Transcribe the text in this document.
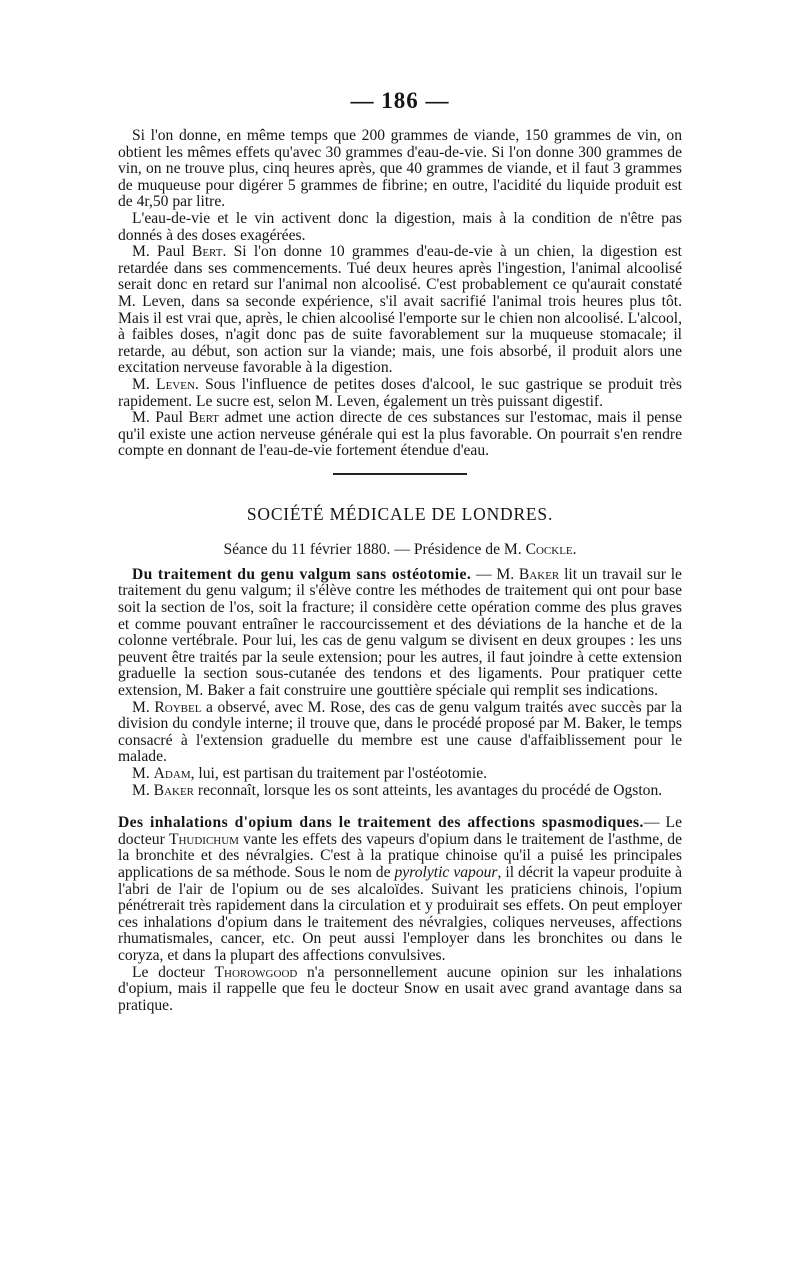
— 186 —

Si l'on donne, en même temps que 200 grammes de viande, 150 grammes de vin, on obtient les mêmes effets qu'avec 30 grammes d'eau-de-vie. Si l'on donne 300 grammes de vin, on ne trouve plus, cinq heures après, que 40 grammes de viande, et il faut 3 grammes de muqueuse pour digérer 5 grammes de fibrine; en outre, l'acidité du liquide produit est de 4r,50 par litre.

L'eau-de-vie et le vin activent donc la digestion, mais à la condition de n'être pas donnés à des doses exagérées.

M. Paul Bert. Si l'on donne 10 grammes d'eau-de-vie à un chien, la digestion est retardée dans ses commencements. Tué deux heures après l'ingestion, l'animal alcoolisé serait donc en retard sur l'animal non alcoolisé. C'est probablement ce qu'aurait constaté M. Leven, dans sa seconde expérience, s'il avait sacrifié l'animal trois heures plus tôt. Mais il est vrai que, après, le chien alcoolisé l'emporte sur le chien non alcoolisé. L'alcool, à faibles doses, n'agit donc pas de suite favorablement sur la muqueuse stomacale; il retarde, au début, son action sur la viande; mais, une fois absorbé, il produit alors une excitation nerveuse favorable à la digestion.

M. Leven. Sous l'influence de petites doses d'alcool, le suc gastrique se produit très rapidement. Le sucre est, selon M. Leven, également un très puissant digestif.

M. Paul Bert admet une action directe de ces substances sur l'estomac, mais il pense qu'il existe une action nerveuse générale qui est la plus favorable. On pourrait s'en rendre compte en donnant de l'eau-de-vie fortement étendue d'eau.

SOCIÉTÉ MÉDICALE DE LONDRES.
Séance du 11 février 1880. — Présidence de M. Cockle.

Du traitement du genu valgum sans ostéotomie. — M. Baker lit un travail sur le traitement du genu valgum; il s'élève contre les méthodes de traitement qui ont pour base soit la section de l'os, soit la fracture; il considère cette opération comme des plus graves et comme pouvant entraîner le raccourcissement et des déviations de la hanche et de la colonne vertébrale. Pour lui, les cas de genu valgum se divisent en deux groupes : les uns peuvent être traités par la seule extension; pour les autres, il faut joindre à cette extension graduelle la section sous-cutanée des tendons et des ligaments. Pour pratiquer cette extension, M. Baker a fait construire une gouttière spéciale qui remplit ses indications.

M. Roybel a observé, avec M. Rose, des cas de genu valgum traités avec succès par la division du condyle interne; il trouve que, dans le procédé proposé par M. Baker, le temps consacré à l'extension graduelle du membre est une cause d'affaiblissement pour le malade.

M. Adam, lui, est partisan du traitement par l'ostéotomie.

M. Baker reconnaît, lorsque les os sont atteints, les avantages du procédé de Ogston.

Des inhalations d'opium dans le traitement des affections spasmodiques.— Le docteur Thudichum vante les effets des vapeurs d'opium dans le traitement de l'asthme, de la bronchite et des névralgies. C'est à la pratique chinoise qu'il a puisé les principales applications de sa méthode. Sous le nom de pyrolytic vapour, il décrit la vapeur produite à l'abri de l'air de l'opium ou de ses alcaloïdes. Suivant les praticiens chinois, l'opium pénétrerait très rapidement dans la circulation et y produirait ses effets. On peut employer ces inhalations d'opium dans le traitement des névralgies, coliques nerveuses, affections rhumatismales, cancer, etc. On peut aussi l'employer dans les bronchites ou dans le coryza, et dans la plupart des affections convulsives.

Le docteur Thorowgood n'a personnellement aucune opinion sur les inhalations d'opium, mais il rappelle que feu le docteur Snow en usait avec grand avantage dans sa pratique.
